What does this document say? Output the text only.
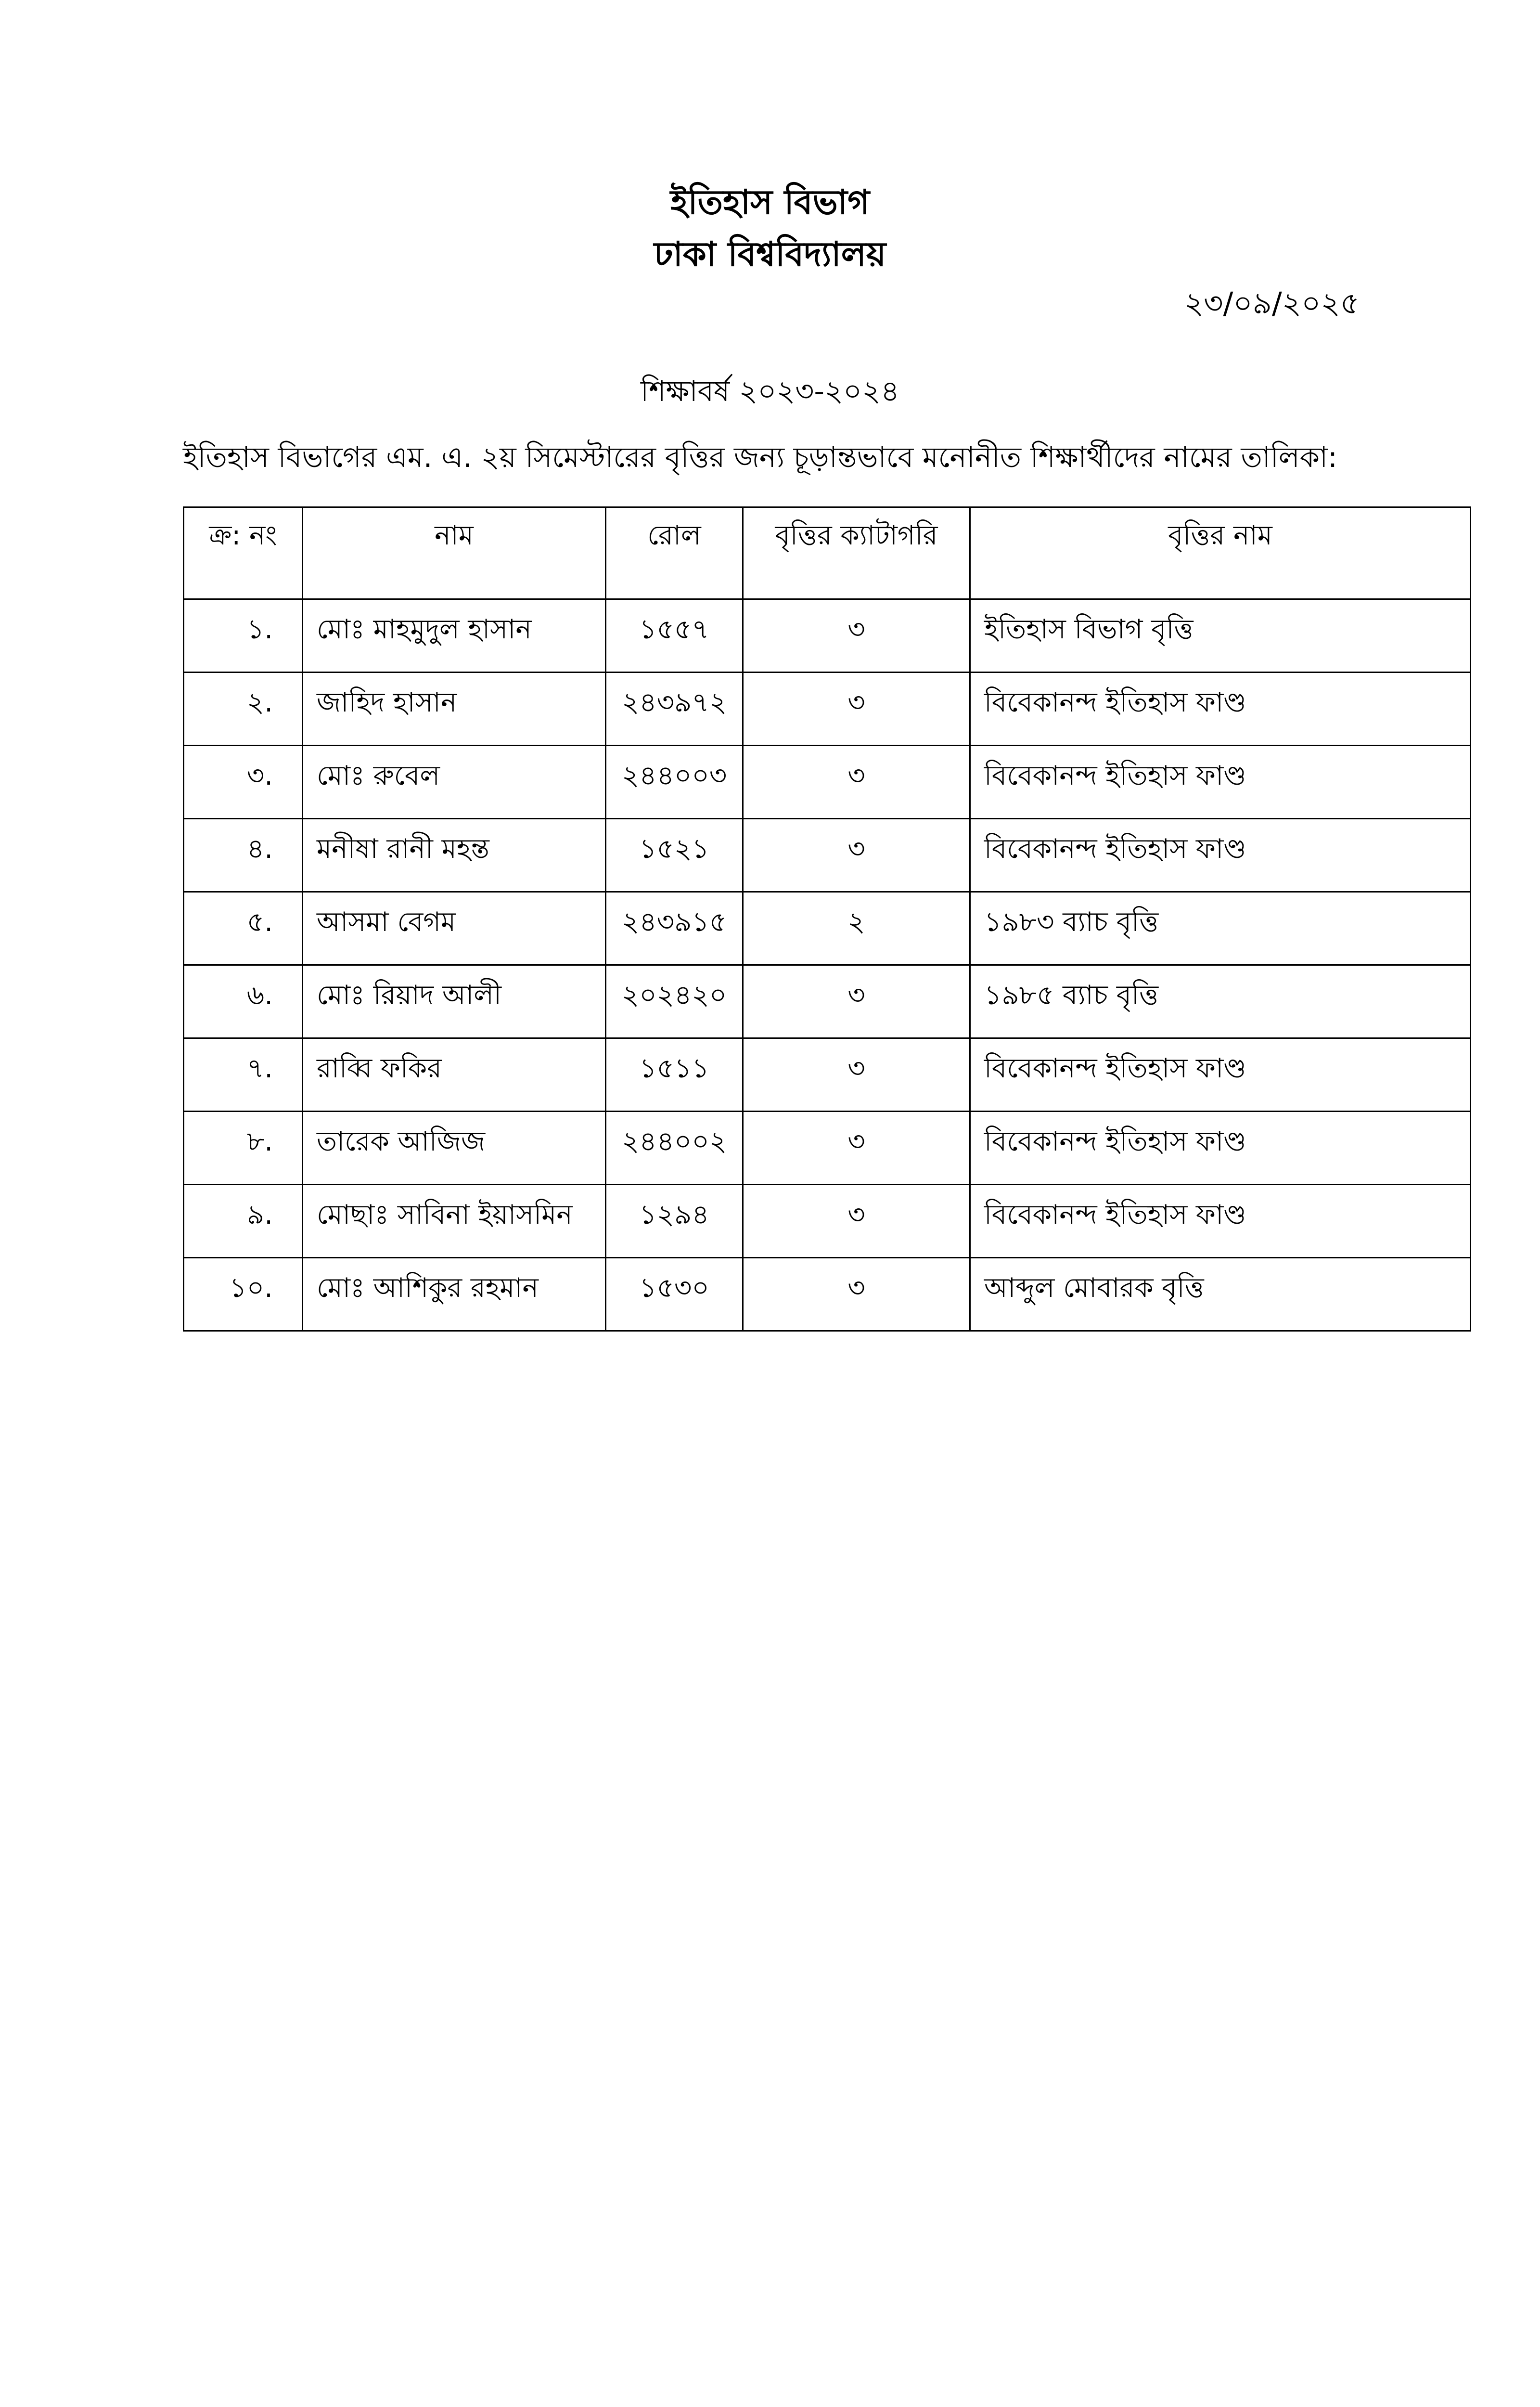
ইতিহাস বিভাগ
ঢাকা বিশ্ববিদ্যালয়
২৩/০৯/২০২৫
শিক্ষাবর্ষ ২০২৩-২০২৪
ইতিহাস বিভাগের এম. এ. ২য় সিমেস্টারের বৃত্তির জন্য চূড়ান্তভাবে মনোনীত শিক্ষার্থীদের নামের তালিকা:
ক্র: নং	নাম	রোল	বৃত্তির ক্যাটাগরি	বৃত্তির নাম
১.	মোঃ মাহমুদুল হাসান	১৫৫৭	৩	ইতিহাস বিভাগ বৃত্তি
২.	জাহিদ হাসান	২৪৩৯৭২	৩	বিবেকানন্দ ইতিহাস ফাণ্ড
৩.	মোঃ রুবেল	২৪৪০০৩	৩	বিবেকানন্দ ইতিহাস ফাণ্ড
৪.	মনীষা রানী মহন্ত	১৫২১	৩	বিবেকানন্দ ইতিহাস ফাণ্ড
৫.	আসমা বেগম	২৪৩৯১৫	২	১৯৮৩ ব্যাচ বৃত্তি
৬.	মোঃ রিয়াদ আলী	২০২৪২০	৩	১৯৮৫ ব্যাচ বৃত্তি
৭.	রাব্বি ফকির	১৫১১	৩	বিবেকানন্দ ইতিহাস ফাণ্ড
৮.	তারেক আজিজ	২৪৪০০২	৩	বিবেকানন্দ ইতিহাস ফাণ্ড
৯.	মোছাঃ সাবিনা ইয়াসমিন	১২৯৪	৩	বিবেকানন্দ ইতিহাস ফাণ্ড
১০.	মোঃ আশিকুর রহমান	১৫৩০	৩	আব্দুল মোবারক বৃত্তি
